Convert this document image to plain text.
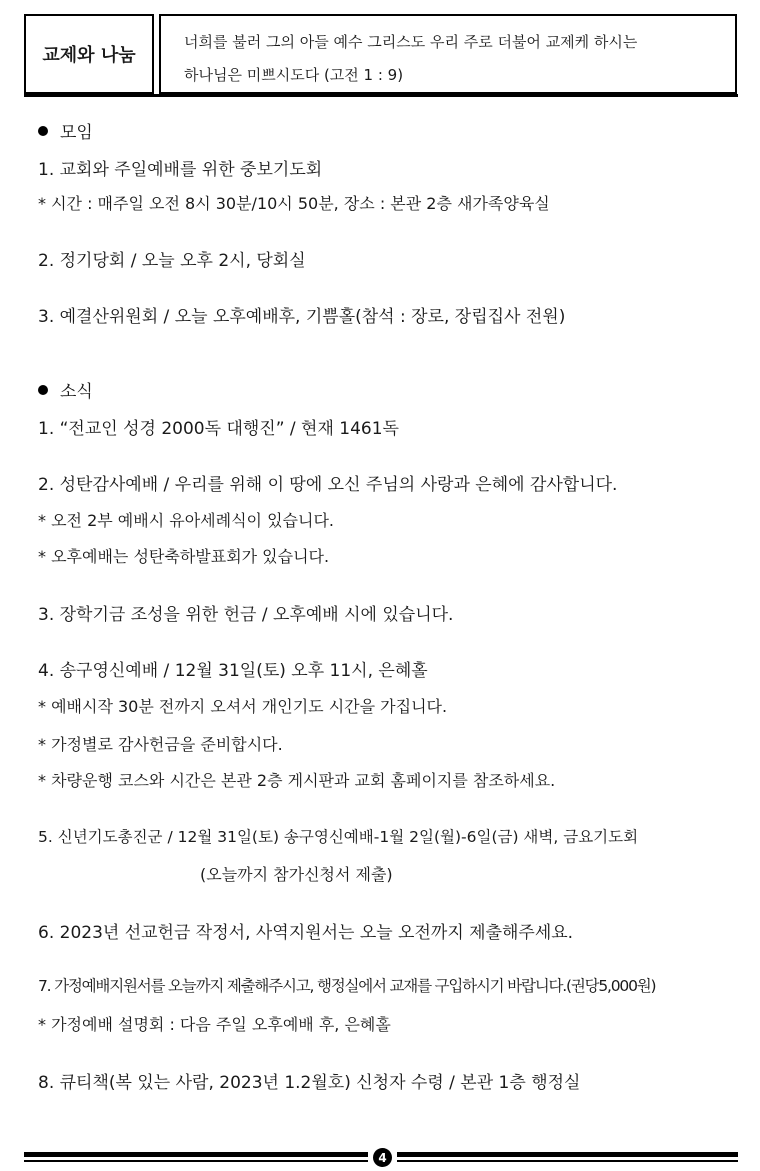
교제와 나눔
너희를 불러 그의 아들 예수 그리스도 우리 주로 더불어 교제케 하시는
하나님은 미쁘시도다 (고전 1 : 9)
모임
1. 교회와 주일예배를 위한 중보기도회
* 시간 : 매주일 오전 8시 30분/10시 50분, 장소 : 본관 2층 새가족양육실
2. 정기당회 / 오늘 오후 2시, 당회실
3. 예결산위원회 / 오늘 오후예배후, 기쁨홀(참석 : 장로, 장립집사 전원)
소식
1. “전교인 성경 2000독 대행진” / 현재 1461독
2. 성탄감사예배 / 우리를 위해 이 땅에 오신 주님의 사랑과 은혜에 감사합니다.
* 오전 2부 예배시 유아세례식이 있습니다.
* 오후예배는 성탄축하발표회가 있습니다.
3. 장학기금 조성을 위한 헌금 / 오후예배 시에 있습니다.
4. 송구영신예배 / 12월 31일(토) 오후 11시, 은혜홀
* 예배시작 30분 전까지 오셔서 개인기도 시간을 가집니다.
* 가정별로 감사헌금을 준비합시다.
* 차량운행 코스와 시간은 본관 2층 게시판과 교회 홈페이지를 참조하세요.
5. 신년기도총진군 / 12월 31일(토) 송구영신예배-1월 2일(월)-6일(금) 새벽, 금요기도회
(오늘까지 참가신청서 제출)
6. 2023년 선교헌금 작정서, 사역지원서는 오늘 오전까지 제출해주세요.
7. 가정예배지원서를 오늘까지 제출해주시고, 행정실에서 교재를 구입하시기 바랍니다.(권당5,000원)
* 가정예배 설명회 : 다음 주일 오후예배 후, 은혜홀
8. 큐티책(복 있는 사람, 2023년 1.2월호) 신청자 수령 / 본관 1층 행정실
4
